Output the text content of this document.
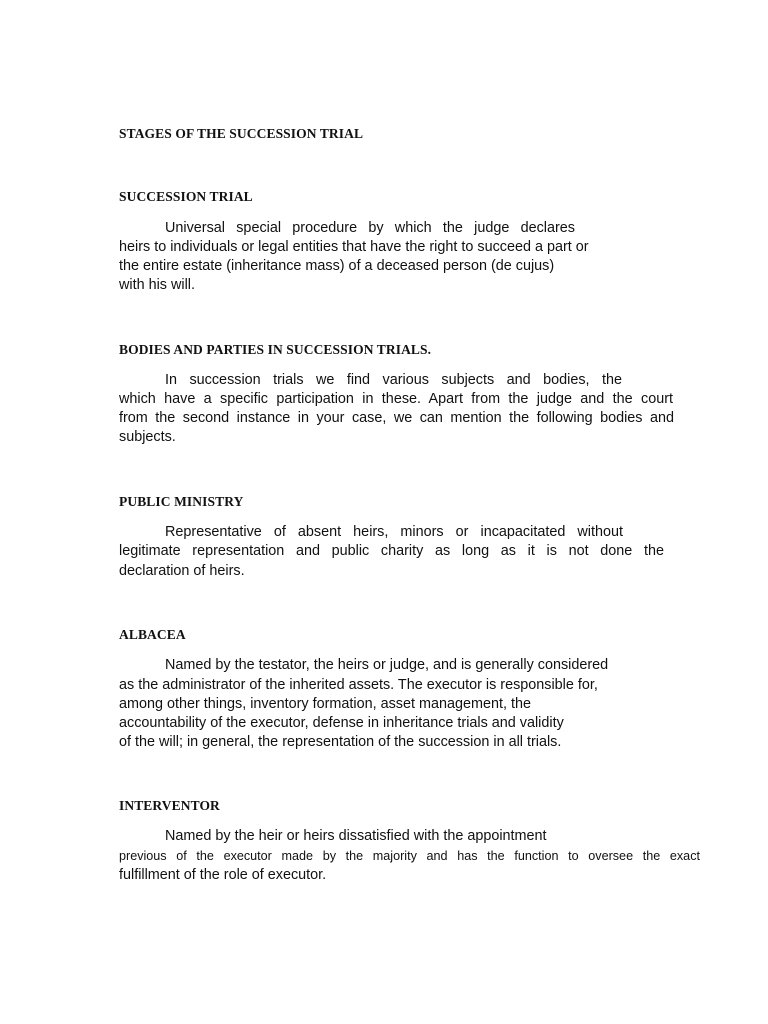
STAGES OF THE SUCCESSION TRIAL

SUCCESSION TRIAL

Universal special procedure by which the judge declares

heirs to individuals or legal entities that have the right to succeed a part or

the entire estate (inheritance mass) of a deceased person (de cujus)

with his will.

BODIES AND PARTIES IN SUCCESSION TRIALS.

In succession trials we find various subjects and bodies, the

which have a specific participation in these. Apart from the judge and the court

from the second instance in your case, we can mention the following bodies and

subjects.

PUBLIC MINISTRY

Representative of absent heirs, minors or incapacitated without

legitimate representation and public charity as long as it is not done the

declaration of heirs.

ALBACEA

Named by the testator, the heirs or judge, and is generally considered

as the administrator of the inherited assets. The executor is responsible for,

among other things, inventory formation, asset management, the

accountability of the executor, defense in inheritance trials and validity

of the will; in general, the representation of the succession in all trials.

INTERVENTOR

Named by the heir or heirs dissatisfied with the appointment

previous of the executor made by the majority and has the function to oversee the exact

fulfillment of the role of executor.
